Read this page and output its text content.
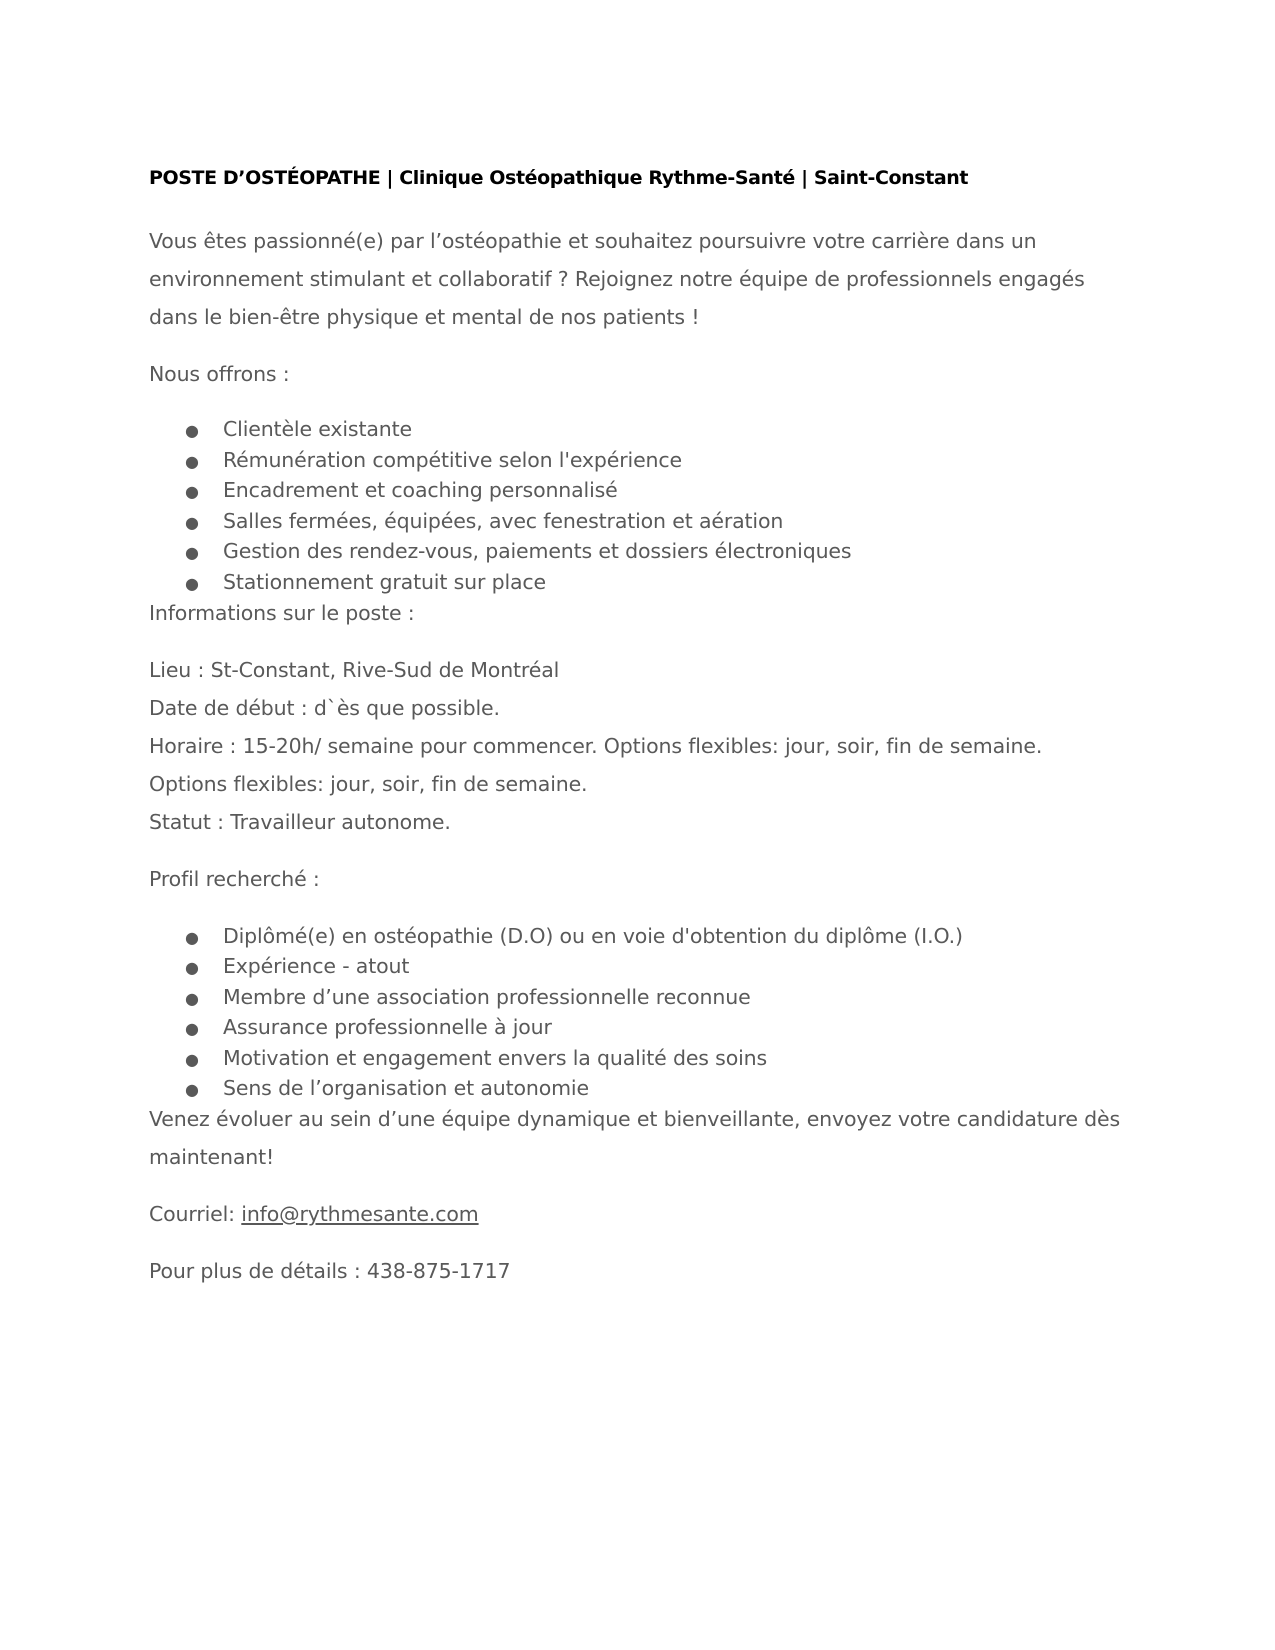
POSTE D’OSTÉOPATHE | Clinique Ostéopathique Rythme-Santé | Saint-Constant
Vous êtes passionné(e) par l’ostéopathie et souhaitez poursuivre votre carrière dans un
environnement stimulant et collaboratif ? Rejoignez notre équipe de professionnels engagés
dans le bien-être physique et mental de nos patients !
Nous offrons :
● Clientèle existante
● Rémunération compétitive selon l'expérience
● Encadrement et coaching personnalisé
● Salles fermées, équipées, avec fenestration et aération
● Gestion des rendez-vous, paiements et dossiers électroniques
● Stationnement gratuit sur place
Informations sur le poste :
Lieu : St-Constant, Rive-Sud de Montréal
Date de début : d`ès que possible.
Horaire : 15-20h/ semaine pour commencer. Options flexibles: jour, soir, fin de semaine.
Options flexibles: jour, soir, fin de semaine.
Statut : Travailleur autonome.
Profil recherché :
● Diplômé(e) en ostéopathie (D.O) ou en voie d'obtention du diplôme (I.O.)
● Expérience - atout
● Membre d’une association professionnelle reconnue
● Assurance professionnelle à jour
● Motivation et engagement envers la qualité des soins
● Sens de l’organisation et autonomie
Venez évoluer au sein d’une équipe dynamique et bienveillante, envoyez votre candidature dès
maintenant!
Courriel: info@rythmesante.com
Pour plus de détails : 438-875-1717
